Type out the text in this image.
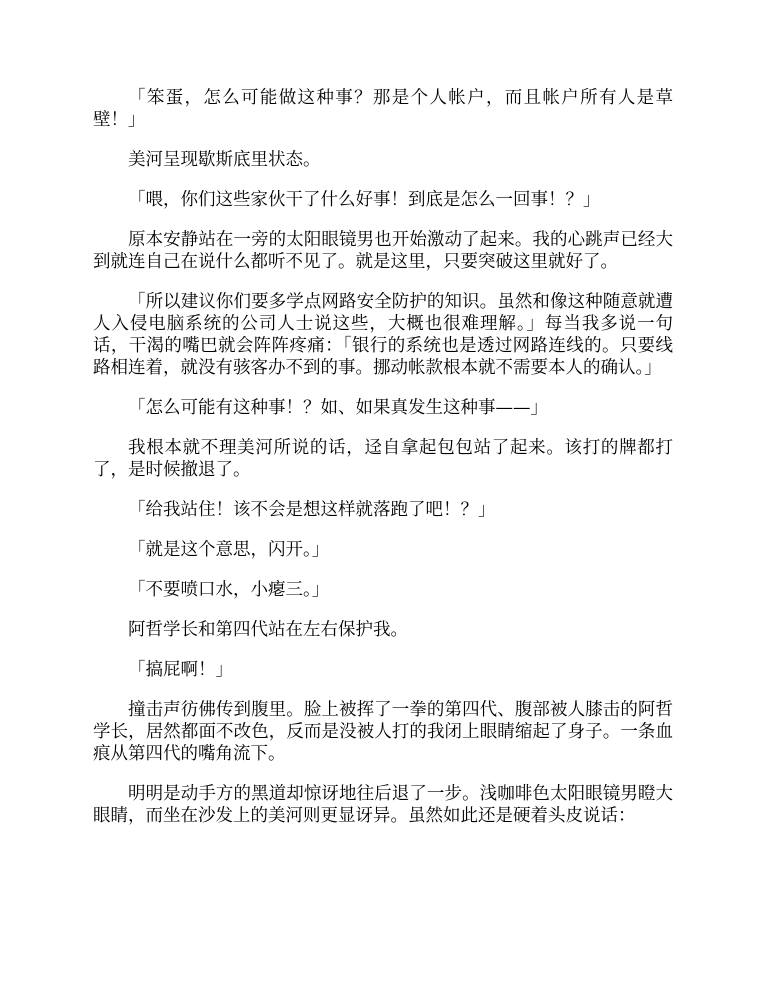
「笨蛋，怎么可能做这种事？那是个人帐户，而且帐户所有人是草壁！」

美河呈现歇斯底里状态。

「喂，你们这些家伙干了什么好事！到底是怎么一回事！？」

原本安静站在一旁的太阳眼镜男也开始激动了起来。我的心跳声已经大到就连自己在说什么都听不见了。就是这里，只要突破这里就好了。

「所以建议你们要多学点网路安全防护的知识。虽然和像这种随意就遭人入侵电脑系统的公司人士说这些，大概也很难理解。」每当我多说一句话，干渴的嘴巴就会阵阵疼痛：「银行的系统也是透过网路连线的。只要线路相连着，就没有骇客办不到的事。挪动帐款根本就不需要本人的确认。」

「怎么可能有这种事！？如、如果真发生这种事——」

我根本就不理美河所说的话，迳自拿起包包站了起来。该打的牌都打了，是时候撤退了。

「给我站住！该不会是想这样就落跑了吧！？」

「就是这个意思，闪开。」

「不要喷口水，小瘪三。」

阿哲学长和第四代站在左右保护我。

「搞屁啊！」

撞击声彷佛传到腹里。脸上被挥了一拳的第四代、腹部被人膝击的阿哲学长，居然都面不改色，反而是没被人打的我闭上眼睛缩起了身子。一条血痕从第四代的嘴角流下。

明明是动手方的黑道却惊讶地往后退了一步。浅咖啡色太阳眼镜男瞪大眼睛，而坐在沙发上的美河则更显讶异。虽然如此还是硬着头皮说话：
